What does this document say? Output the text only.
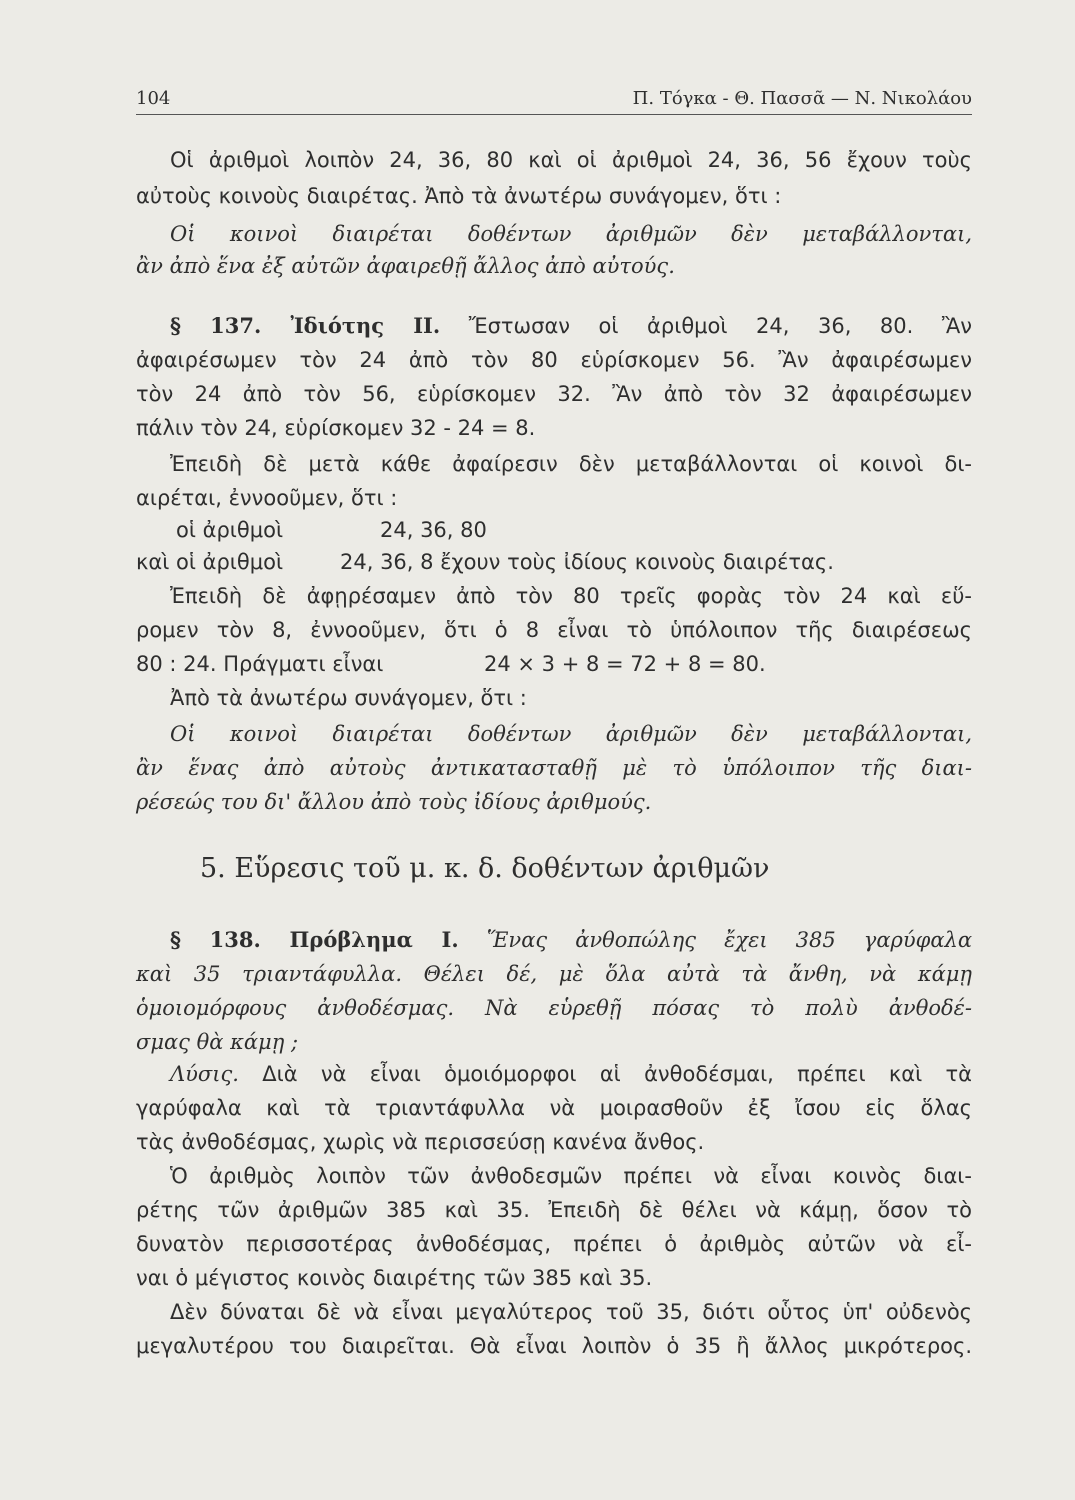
104	Π. Τόγκα - Θ. Πασσᾶ — Ν. Νικολάου
Οἱ ἀριθμοὶ λοιπὸν 24, 36, 80 καὶ οἱ ἀριθμοὶ 24, 36, 56 ἔχουν τοὺς
αὐτοὺς κοινοὺς διαιρέτας. Ἀπὸ τὰ ἀνωτέρω συνάγομεν, ὅτι :
Οἱ κοινοὶ διαιρέται δοθέντων ἀριθμῶν δὲν μεταβάλλονται,
ἂν ἀπὸ ἕνα ἐξ αὐτῶν ἀφαιρεθῇ ἄλλος ἀπὸ αὐτούς.
§ 137. Ἰδιότης ΙΙ. Ἔστωσαν οἱ ἀριθμοὶ 24, 36, 80. Ἂν
ἀφαιρέσωμεν τὸν 24 ἀπὸ τὸν 80 εὑρίσκομεν 56. Ἂν ἀφαιρέσωμεν
τὸν 24 ἀπὸ τὸν 56, εὑρίσκομεν 32. Ἂν ἀπὸ τὸν 32 ἀφαιρέσωμεν
πάλιν τὸν 24, εὑρίσκομεν 32 - 24 = 8.
Ἐπειδὴ δὲ μετὰ κάθε ἀφαίρεσιν δὲν μεταβάλλονται οἱ κοινοὶ δι-
αιρέται, ἐννοοῦμεν, ὅτι :
οἱ ἀριθμοὶ	24, 36, 80
καὶ οἱ ἀριθμοὶ	24, 36, 8 ἔχουν τοὺς ἰδίους κοινοὺς διαιρέτας.
Ἐπειδὴ δὲ ἀφῃρέσαμεν ἀπὸ τὸν 80 τρεῖς φορὰς τὸν 24 καὶ εὕ-
ρομεν τὸν 8, ἐννοοῦμεν, ὅτι ὁ 8 εἶναι τὸ ὑπόλοιπον τῆς διαιρέσεως
80 : 24. Πράγματι εἶναι	24 × 3 + 8 = 72 + 8 = 80.
Ἀπὸ τὰ ἀνωτέρω συνάγομεν, ὅτι :
Οἱ κοινοὶ διαιρέται δοθέντων ἀριθμῶν δὲν μεταβάλλονται,
ἂν ἕνας ἀπὸ αὐτοὺς ἀντικατασταθῇ μὲ τὸ ὑπόλοιπον τῆς διαι-
ρέσεώς του δι' ἄλλου ἀπὸ τοὺς ἰδίους ἀριθμούς.
5. Εὕρεσις τοῦ μ. κ. δ. δοθέντων ἀριθμῶν
§ 138. Πρόβλημα Ι. Ἕνας ἀνθοπώλης ἔχει 385 γαρύφαλα
καὶ 35 τριαντάφυλλα. Θέλει δέ, μὲ ὅλα αὐτὰ τὰ ἄνθη, νὰ κάμῃ
ὁμοιομόρφους ἀνθοδέσμας. Νὰ εὑρεθῇ πόσας τὸ πολὺ ἀνθοδέ-
σμας θὰ κάμῃ ;
Λύσις. Διὰ νὰ εἶναι ὁμοιόμορφοι αἱ ἀνθοδέσμαι, πρέπει καὶ τὰ
γαρύφαλα καὶ τὰ τριαντάφυλλα νὰ μοιρασθοῦν ἐξ ἴσου εἰς ὅλας
τὰς ἀνθοδέσμας, χωρὶς νὰ περισσεύσῃ κανένα ἄνθος.
Ὁ ἀριθμὸς λοιπὸν τῶν ἀνθοδεσμῶν πρέπει νὰ εἶναι κοινὸς διαι-
ρέτης τῶν ἀριθμῶν 385 καὶ 35. Ἐπειδὴ δὲ θέλει νὰ κάμῃ, ὅσον τὸ
δυνατὸν περισσοτέρας ἀνθοδέσμας, πρέπει ὁ ἀριθμὸς αὐτῶν νὰ εἶ-
ναι ὁ μέγιστος κοινὸς διαιρέτης τῶν 385 καὶ 35.
Δὲν δύναται δὲ νὰ εἶναι μεγαλύτερος τοῦ 35, διότι οὗτος ὑπ' οὐδενὸς
μεγαλυτέρου του διαιρεῖται. Θὰ εἶναι λοιπὸν ὁ 35 ἢ ἄλλος μικρότερος.
